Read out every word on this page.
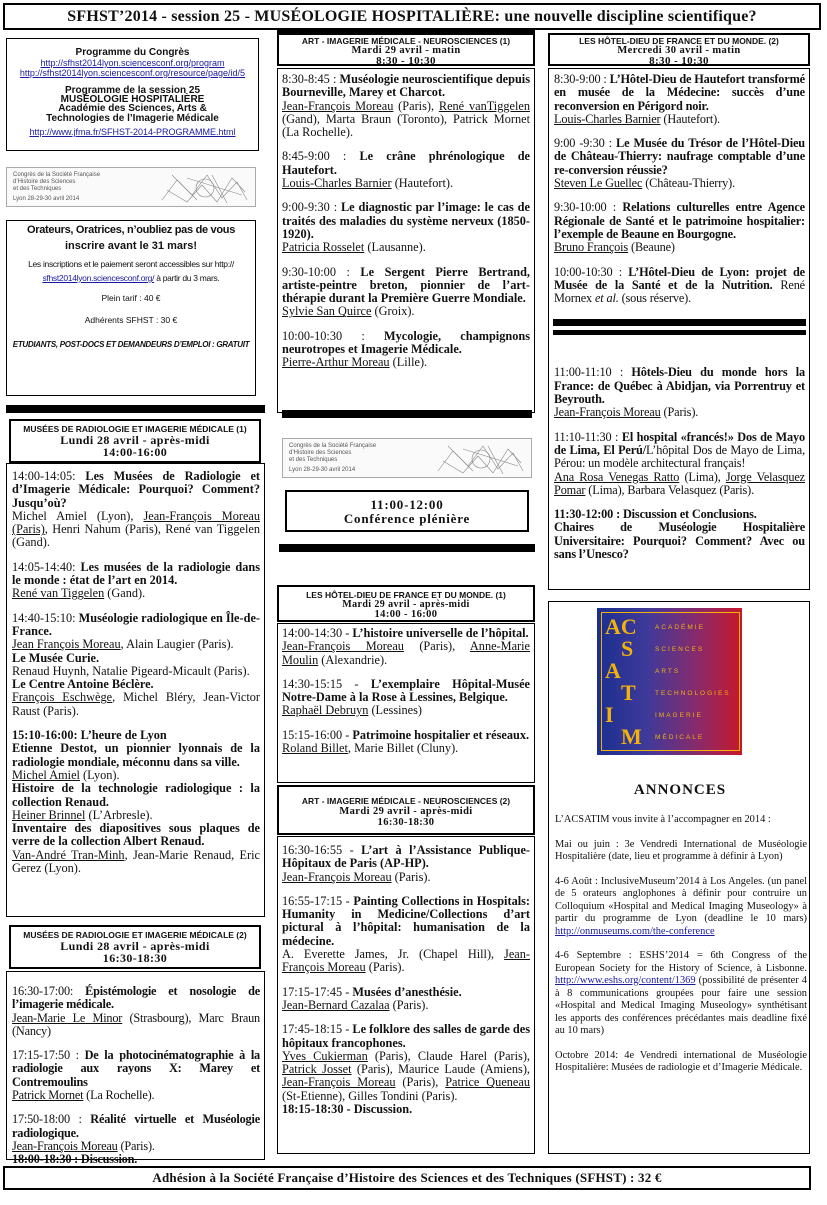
SFHST’2014 - session 25 - MUSÉOLOGIE HOSPITALIÈRE: une nouvelle discipline scientifique?
Programme du Congrès
http://sfhst2014lyon.sciencesconf.org/program
http://sfhst2014lyon.sciencesconf.org/resource/page/id/5
Programme de la session 25
MUSÉOLOGIE HOSPITALIÈRE
Académie des Sciences, Arts &
Technologies de l’Imagerie Médicale
http://www.jfma.fr/SFHST-2014-PROGRAMME.html
Congrès de la Société Française
d’Histoire des Sciences
et des Techniques
Lyon 28-29-30 avril 2014
Orateurs, Oratrices, n’oubliez pas de vous
inscrire avant le 31 mars!
Les inscriptions et le paiement seront accessibles sur http://
sfhst2014lyon.sciencesconf.org/ à partir du 3 mars.
Plein tarif : 40 €
Adhérents SFHST : 30 €
ETUDIANTS, POST-DOCS ET DEMANDEURS D’EMPLOI : GRATUIT
MUSÉES DE RADIOLOGIE ET IMAGERIE MÉDICALE (1)
Lundi 28 avril - après-midi
14:00-16:00

14:00-14:05: Les Musées de Radiologie et d’Imagerie Médicale: Pourquoi? Comment? Jusqu’où?
Michel Amiel (Lyon), Jean-François Moreau (Paris), Henri Nahum (Paris), René van Tiggelen (Gand).

14:05-14:40: Les musées de la radiologie dans le monde : état de l’art en 2014.
René van Tiggelen (Gand).

14:40-15:10: Muséologie radiologique en Île-de-France.
Jean François Moreau, Alain Laugier (Paris).

Le Musée Curie.
Renaud Huynh, Natalie Pigeard-Micault (Paris).
Le Centre Antoine Béclère.

François Eschwège, Michel Bléry, Jean-Victor Raust (Paris).

15:10-16:00: L’heure de Lyon
Etienne Destot, un pionnier lyonnais de la radiologie mondiale, méconnu dans sa ville.
Michel Amiel (Lyon).
Histoire de la technologie radiologique : la collection Renaud.
Heiner Brinnel (L’Arbresle).
Inventaire des diapositives sous plaques de verre de la collection Albert Renaud.
Van-André Tran-Minh, Jean-Marie Renaud, Eric Gerez (Lyon).
MUSÉES DE RADIOLOGIE ET IMAGERIE MÉDICALE (2)
Lundi 28 avril - après-midi
16:30-18:30

16:30-17:00: Épistémologie et nosologie de l’imagerie médicale.
Jean-Marie Le Minor (Strasbourg), Marc Braun (Nancy)

17:15-17:50 : De la photocinématographie à la radiologie aux rayons X: Marey et Contremoulins
Patrick Mornet (La Rochelle).

17:50-18:00 : Réalité virtuelle et Muséologie radiologique.
Jean-François Moreau (Paris).
18:00-18:30 : Discussion.
ART - IMAGERIE MÉDICALE - NEUROSCIENCES (1)
Mardi 29 avril - matin
8:30 - 10:30

8:30-8:45 : Muséologie neuroscientifique depuis Bourneville, Marey et Charcot.
Jean-François Moreau (Paris), René vanTiggelen (Gand), Marta Braun (Toronto), Patrick Mornet (La Rochelle).

8:45-9:00 : Le crâne phrénologique de Hautefort.
Louis-Charles Barnier (Hautefort).

9:00-9:30 : Le diagnostic par l’image: le cas de traités des maladies du système nerveux (1850-1920).
Patricia Rosselet (Lausanne).

9:30-10:00 : Le Sergent Pierre Bertrand, artiste-peintre breton, pionnier de l’art-thérapie durant la Première Guerre Mondiale.
Sylvie San Quirce (Groix).

10:00-10:30 : Mycologie, champignons neurotropes et Imagerie Médicale.
Pierre-Arthur Moreau (Lille).
Congrès de la Société Française
d’Histoire des Sciences
et des Techniques
Lyon 28-29-30 avril 2014
11:00-12:00
Conférence plénière
LES HÔTEL-DIEU DE FRANCE ET DU MONDE. (1)
Mardi 29 avril - après-midi
14:00 - 16:00

14:00-14:30 - L’histoire universelle de l’hôpital.
Jean-François Moreau (Paris), Anne-Marie Moulin (Alexandrie).

14:30-15:15 - L’exemplaire Hôpital-Musée Notre-Dame à la Rose à Lessines, Belgique.
Raphaël Debruyn (Lessines)

15:15-16:00 - Patrimoine hospitalier et réseaux.
Roland Billet, Marie Billet (Cluny).
ART - IMAGERIE MÉDICALE - NEUROSCIENCES (2)
Mardi 29 avril - après-midi
16:30-18:30

16:30-16:55 - L’art à l’Assistance Publique-Hôpitaux de Paris (AP-HP).
Jean-François Moreau (Paris).

16:55-17:15 - Painting Collections in Hospitals: Humanity in Medicine/Collections d’art pictural à l’hôpital: humanisation de la médecine.
A. Everette James, Jr. (Chapel Hill), Jean-François Moreau (Paris).

17:15-17:45 - Musées d’anesthésie.
Jean-Bernard Cazalaa (Paris).

17:45-18:15 - Le folklore des salles de garde des hôpitaux francophones.
Yves Cukierman (Paris), Claude Harel (Paris), Patrick Josset (Paris), Maurice Laude (Amiens), Jean-François Moreau (Paris), Patrice Queneau (St-Etienne), Gilles Tondini (Paris).
18:15-18:30 - Discussion.
LES HÔTEL-DIEU DE FRANCE ET DU MONDE. (2)
Mercredi 30 avril - matin
8:30 - 10:30

8:30-9:00 : L’Hôtel-Dieu de Hautefort transformé en musée de la Médecine: succès d’une reconversion en Périgord noir.
Louis-Charles Barnier (Hautefort).

9:00 -9:30 : Le Musée du Trésor de l’Hôtel-Dieu de Château-Thierry: naufrage comptable d’une re-conversion réussie?
Steven Le Guellec (Château-Thierry).

9:30-10:00 : Relations culturelles entre Agence Régionale de Santé et le patrimoine hospitalier: l’exemple de Beaune en Bourgogne.
Bruno François (Beaune)

10:00-10:30 : L’Hôtel-Dieu de Lyon: projet de Musée de la Santé et de la Nutrition. René Mornex et al. (sous réserve).

11:00-11:10 : Hôtels-Dieu du monde hors la France: de Québec à Abidjan, via Porrentruy et Beyrouth.
Jean-François Moreau (Paris).

11:10-11:30 : El hospital «francés!» Dos de Mayo de Lima, El Perú/L’hôpital Dos de Mayo de Lima, Pérou: un modèle architectural français!
Ana Rosa Venegas Ratto (Lima), Jorge Velasquez Pomar (Lima), Barbara Velasquez (Paris).

11:30-12:00 : Discussion et Conclusions.
Chaires de Muséologie Hospitalière Universitaire: Pourquoi? Comment? Avec ou sans l’Unesco?
AC	ACADÉMIE
S	SCIENCES
A	ARTS
T	TECHNOLOGIES
I	IMAGERIE
M MÉDICALE
ANNONCES

L’ACSATIM vous invite à l’accompagner en 2014 :

Mai ou juin : 3e Vendredi International de Muséologie Hospitalière (date, lieu et programme à définir à Lyon)

4-6 Août : InclusiveMuseum’2014 à Los Angeles. (un panel de 5 orateurs anglophones à définir pour contruire un Colloquium «Hospital and Medical Imaging Museology» à partir du programme de Lyon (deadline le 10 mars) http://onmuseums.com/the-conference

4-6 Septembre : ESHS’2014 = 6th Congress of the European Society for the History of Science, à Lisbonne. http://www.eshs.org/content/1369 (possibilité de présenter 4 à 8 communications groupées pour faire une session «Hospital and Medical Imaging Museology» synthétisant les apports des conférences précédantes mais deadline fixé au 10 mars)

Octobre 2014: 4e Vendredi international de Muséologie Hospitalière: Musées de radiologie et d’Imagerie Médicale.

Adhésion à la Société Française d’Histoire des Sciences et des Techniques (SFHST) : 32 €
